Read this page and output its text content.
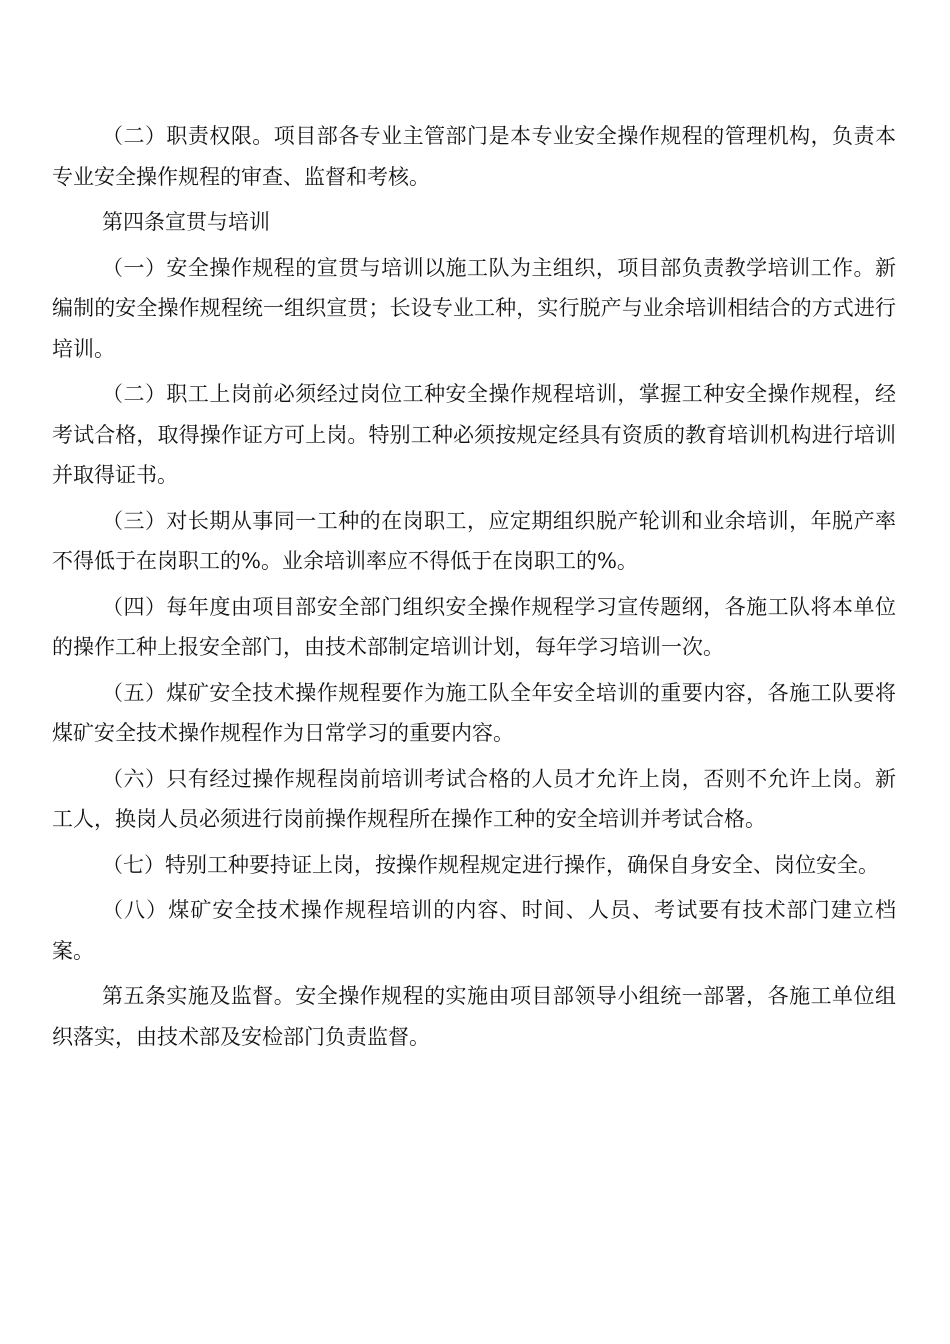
（二）职责权限。项目部各专业主管部门是本专业安全操作规程的管理机构，负责本专业安全操作规程的审查、监督和考核。

第四条宣贯与培训

（一）安全操作规程的宣贯与培训以施工队为主组织，项目部负责教学培训工作。新编制的安全操作规程统一组织宣贯；长设专业工种，实行脱产与业余培训相结合的方式进行培训。

（二）职工上岗前必须经过岗位工种安全操作规程培训，掌握工种安全操作规程，经考试合格，取得操作证方可上岗。特别工种必须按规定经具有资质的教育培训机构进行培训并取得证书。

（三）对长期从事同一工种的在岗职工，应定期组织脱产轮训和业余培训，年脱产率不得低于在岗职工的%。业余培训率应不得低于在岗职工的%。

（四）每年度由项目部安全部门组织安全操作规程学习宣传题纲，各施工队将本单位的操作工种上报安全部门，由技术部制定培训计划，每年学习培训一次。

（五）煤矿安全技术操作规程要作为施工队全年安全培训的重要内容，各施工队要将煤矿安全技术操作规程作为日常学习的重要内容。

（六）只有经过操作规程岗前培训考试合格的人员才允许上岗，否则不允许上岗。新工人，换岗人员必须进行岗前操作规程所在操作工种的安全培训并考试合格。

（七）特别工种要持证上岗，按操作规程规定进行操作，确保自身安全、岗位安全。

（八）煤矿安全技术操作规程培训的内容、时间、人员、考试要有技术部门建立档案。

第五条实施及监督。安全操作规程的实施由项目部领导小组统一部署，各施工单位组织落实，由技术部及安检部门负责监督。
